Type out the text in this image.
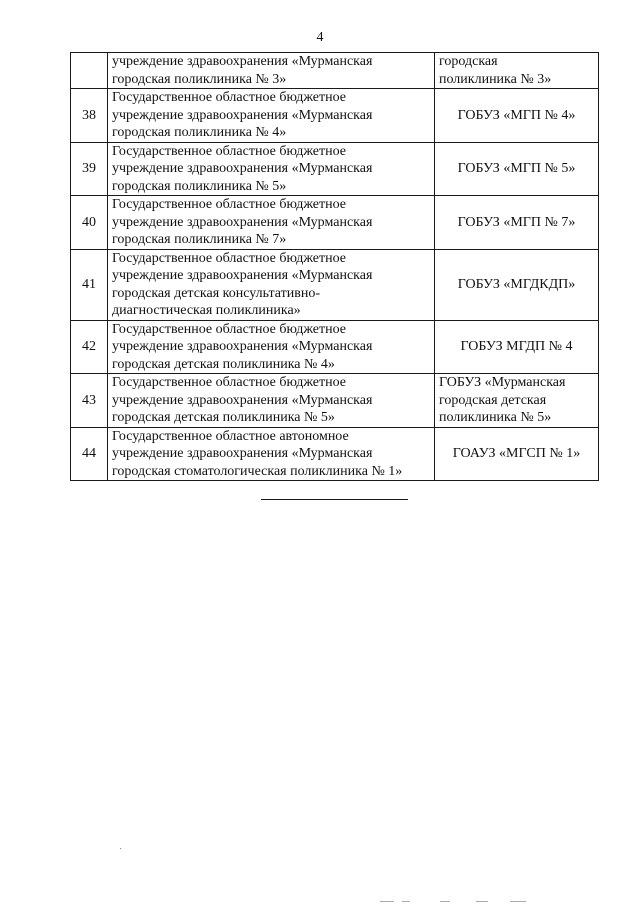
4

	учреждение здравоохранения «Мурманская
городская поликлиника № 3»	городская
поликлиника № 3»

38	Государственное областное бюджетное
учреждение здравоохранения «Мурманская
городская поликлиника № 4»	ГОБУЗ «МГП № 4»

39	Государственное областное бюджетное
учреждение здравоохранения «Мурманская
городская поликлиника № 5»	ГОБУЗ «МГП № 5»

40	Государственное областное бюджетное
учреждение здравоохранения «Мурманская
городская поликлиника № 7»	ГОБУЗ «МГП № 7»

41	Государственное областное бюджетное
учреждение здравоохранения «Мурманская
городская детская консультативно-
диагностическая поликлиника»	ГОБУЗ «МГДКДП»

42	Государственное областное бюджетное
учреждение здравоохранения «Мурманская
городская детская поликлиника № 4»	ГОБУЗ МГДП № 4

43	Государственное областное бюджетное
учреждение здравоохранения «Мурманская
городская детская поликлиника № 5»	ГОБУЗ «Мурманская
городская детская
поликлиника № 5»

44	Государственное областное автономное
учреждение здравоохранения «Мурманская
городская стоматологическая поликлиника № 1»	ГОАУЗ «МГСП № 1»
